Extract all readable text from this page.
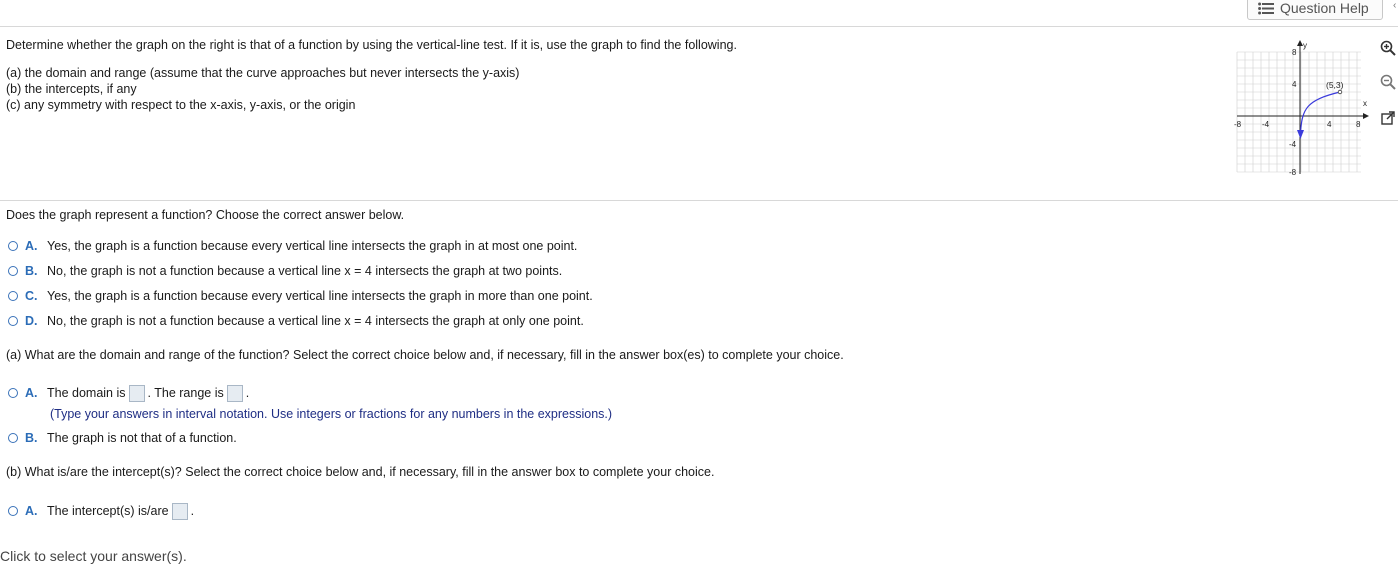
Question Help ‹
Determine whether the graph on the right is that of a function by using the vertical-line test. If it is, use the graph to find the following.
(a) the domain and range (assume that the curve approaches but never intersects the y-axis)
(b) the intercepts, if any
(c) any symmetry with respect to the x-axis, y-axis, or the origin	x
y
-8	-4	4	8
8
4
-4
-8
(5,3)
Does the graph represent a function? Choose the correct answer below.
A. Yes, the graph is a function because every vertical line intersects the graph in at most one point.
B. No, the graph is not a function because a vertical line x = 4 intersects the graph at two points.
C. Yes, the graph is a function because every vertical line intersects the graph in more than one point.
D. No, the graph is not a function because a vertical line x = 4 intersects the graph at only one point.
(a) What are the domain and range of the function? Select the correct choice below and, if necessary, fill in the answer box(es) to complete your choice.
A. The domain is . The range is .
(Type your answers in interval notation. Use integers or fractions for any numbers in the expressions.)
B. The graph is not that of a function.
(b) What is/are the intercept(s)? Select the correct choice below and, if necessary, fill in the answer box to complete your choice.
A. The intercept(s) is/are .
Click to select your answer(s).
